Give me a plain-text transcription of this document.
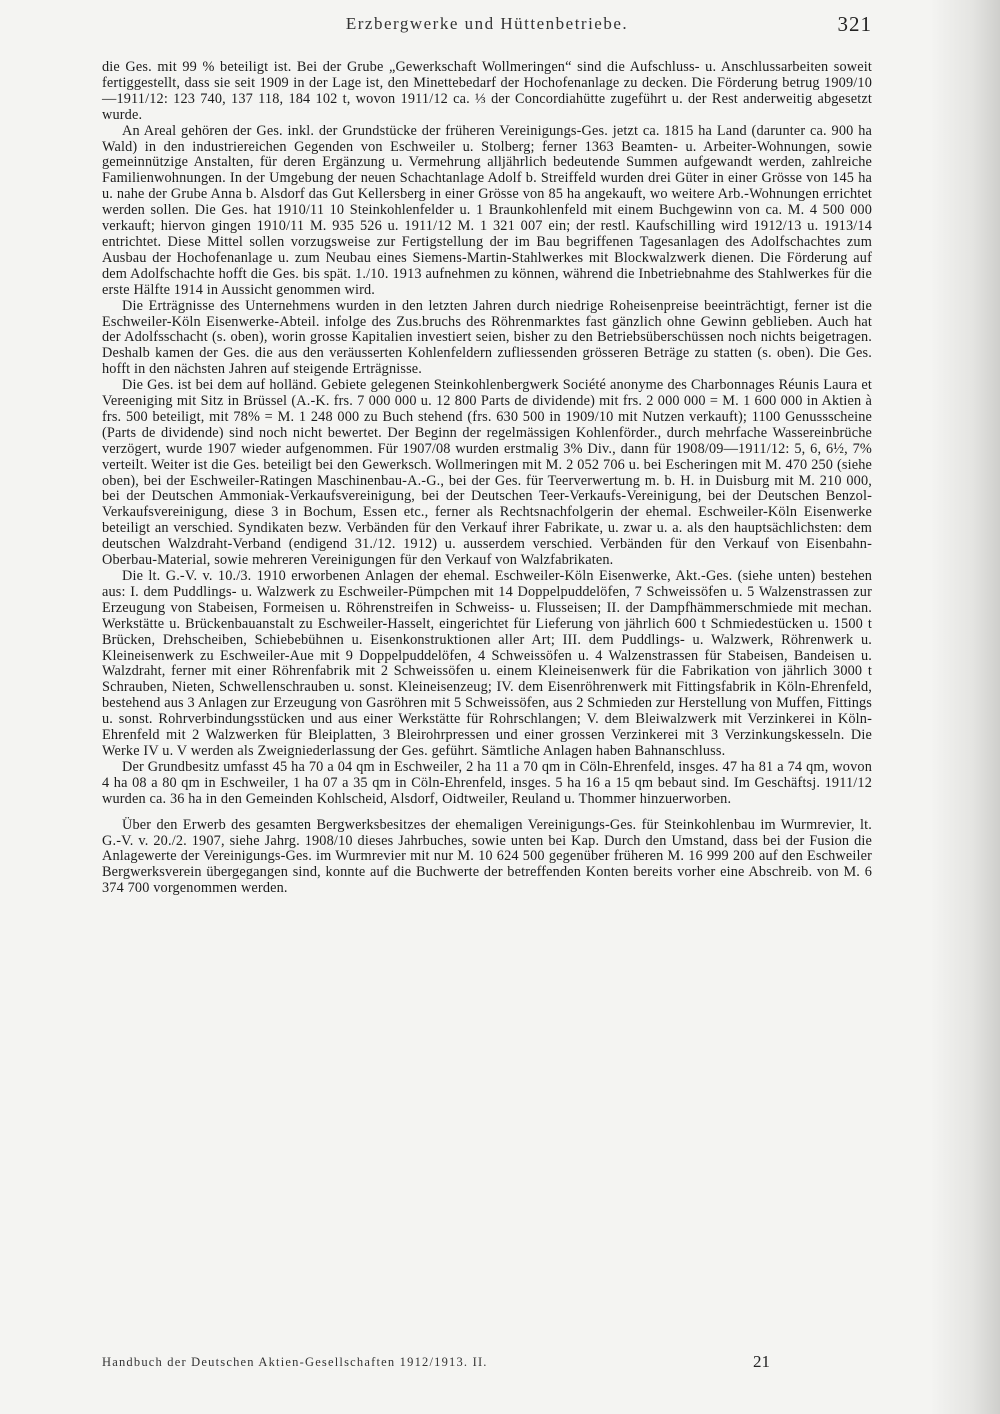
Erzbergwerke und Hüttenbetriebe.	321

die Ges. mit 99 % beteiligt ist. Bei der Grube „Gewerkschaft Wollmeringen“ sind die Aufschluss- u. Anschlussarbeiten soweit fertiggestellt, dass sie seit 1909 in der Lage ist, den Minettebedarf der Hochofenanlage zu decken. Die Förderung betrug 1909/10—1911/12: 123 740, 137 118, 184 102 t, wovon 1911/12 ca. ⅓ der Concordiahütte zugeführt u. der Rest anderweitig abgesetzt wurde.

An Areal gehören der Ges. inkl. der Grundstücke der früheren Vereinigungs-Ges. jetzt ca. 1815 ha Land (darunter ca. 900 ha Wald) in den industriereichen Gegenden von Eschweiler u. Stolberg; ferner 1363 Beamten- u. Arbeiter-Wohnungen, sowie gemeinnützige Anstalten, für deren Ergänzung u. Vermehrung alljährlich bedeutende Summen aufgewandt werden, zahlreiche Familienwohnungen. In der Umgebung der neuen Schachtanlage Adolf b. Streiffeld wurden drei Güter in einer Grösse von 145 ha u. nahe der Grube Anna b. Alsdorf das Gut Kellersberg in einer Grösse von 85 ha angekauft, wo weitere Arb.-Wohnungen errichtet werden sollen. Die Ges. hat 1910/11 10 Steinkohlenfelder u. 1 Braunkohlenfeld mit einem Buchgewinn von ca. M. 4 500 000 verkauft; hiervon gingen 1910/11 M. 935 526 u. 1911/12 M. 1 321 007 ein; der restl. Kaufschilling wird 1912/13 u. 1913/14 entrichtet. Diese Mittel sollen vorzugsweise zur Fertigstellung der im Bau begriffenen Tagesanlagen des Adolfschachtes zum Ausbau der Hochofenanlage u. zum Neubau eines Siemens-Martin-Stahlwerkes mit Blockwalzwerk dienen. Die Förderung auf dem Adolfschachte hofft die Ges. bis spät. 1./10. 1913 aufnehmen zu können, während die Inbetriebnahme des Stahlwerkes für die erste Hälfte 1914 in Aussicht genommen wird.

Die Erträgnisse des Unternehmens wurden in den letzten Jahren durch niedrige Roheisenpreise beeinträchtigt, ferner ist die Eschweiler-Köln Eisenwerke-Abteil. infolge des Zus.bruchs des Röhrenmarktes fast gänzlich ohne Gewinn geblieben. Auch hat der Adolfsschacht (s. oben), worin grosse Kapitalien investiert seien, bisher zu den Betriebsüberschüssen noch nichts beigetragen. Deshalb kamen der Ges. die aus den veräusserten Kohlenfeldern zufliessenden grösseren Beträge zu statten (s. oben). Die Ges. hofft in den nächsten Jahren auf steigende Erträgnisse.

Die Ges. ist bei dem auf holländ. Gebiete gelegenen Steinkohlenbergwerk Société anonyme des Charbonnages Réunis Laura et Vereeniging mit Sitz in Brüssel (A.-K. frs. 7 000 000 u. 12 800 Parts de dividende) mit frs. 2 000 000 = M. 1 600 000 in Aktien à frs. 500 beteiligt, mit 78% = M. 1 248 000 zu Buch stehend (frs. 630 500 in 1909/10 mit Nutzen verkauft); 1100 Genussscheine (Parts de dividende) sind noch nicht bewertet. Der Beginn der regelmässigen Kohlenförder., durch mehrfache Wassereinbrüche verzögert, wurde 1907 wieder aufgenommen. Für 1907/08 wurden erstmalig 3% Div., dann für 1908/09—1911/12: 5, 6, 6½, 7% verteilt. Weiter ist die Ges. beteiligt bei den Gewerksch. Wollmeringen mit M. 2 052 706 u. bei Escheringen mit M. 470 250 (siehe oben), bei der Eschweiler-Ratingen Maschinenbau-A.-G., bei der Ges. für Teerverwertung m. b. H. in Duisburg mit M. 210 000, bei der Deutschen Ammoniak-Verkaufsvereinigung, bei der Deutschen Teer-Verkaufs-Vereinigung, bei der Deutschen Benzol-Verkaufsvereinigung, diese 3 in Bochum, Essen etc., ferner als Rechtsnachfolgerin der ehemal. Eschweiler-Köln Eisenwerke beteiligt an verschied. Syndikaten bezw. Verbänden für den Verkauf ihrer Fabrikate, u. zwar u. a. als den hauptsächlichsten: dem deutschen Walzdraht-Verband (endigend 31./12. 1912) u. ausserdem verschied. Verbänden für den Verkauf von Eisenbahn-Oberbau-Material, sowie mehreren Vereinigungen für den Verkauf von Walzfabrikaten.

Die lt. G.-V. v. 10./3. 1910 erworbenen Anlagen der ehemal. Eschweiler-Köln Eisenwerke, Akt.-Ges. (siehe unten) bestehen aus: I. dem Puddlings- u. Walzwerk zu Eschweiler-Pümpchen mit 14 Doppelpuddelöfen, 7 Schweissöfen u. 5 Walzenstrassen zur Erzeugung von Stabeisen, Formeisen u. Röhrenstreifen in Schweiss- u. Flusseisen; II. der Dampfhämmerschmiede mit mechan. Werkstätte u. Brückenbauanstalt zu Eschweiler-Hasselt, eingerichtet für Lieferung von jährlich 600 t Schmiedestücken u. 1500 t Brücken, Drehscheiben, Schiebebühnen u. Eisenkonstruktionen aller Art; III. dem Puddlings- u. Walzwerk, Röhrenwerk u. Kleineisenwerk zu Eschweiler-Aue mit 9 Doppelpuddelöfen, 4 Schweissöfen u. 4 Walzenstrassen für Stabeisen, Bandeisen u. Walzdraht, ferner mit einer Röhrenfabrik mit 2 Schweissöfen u. einem Kleineisenwerk für die Fabrikation von jährlich 3000 t Schrauben, Nieten, Schwellenschrauben u. sonst. Kleineisenzeug; IV. dem Eisenröhrenwerk mit Fittingsfabrik in Köln-Ehrenfeld, bestehend aus 3 Anlagen zur Erzeugung von Gasröhren mit 5 Schweissöfen, aus 2 Schmieden zur Herstellung von Muffen, Fittings u. sonst. Rohrverbindungsstücken und aus einer Werkstätte für Rohrschlangen; V. dem Bleiwalzwerk mit Verzinkerei in Köln-Ehrenfeld mit 2 Walzwerken für Bleiplatten, 3 Bleirohrpressen und einer grossen Verzinkerei mit 3 Verzinkungskesseln. Die Werke IV u. V werden als Zweigniederlassung der Ges. geführt. Sämtliche Anlagen haben Bahnanschluss.

Der Grundbesitz umfasst 45 ha 70 a 04 qm in Eschweiler, 2 ha 11 a 70 qm in Cöln-Ehrenfeld, insges. 47 ha 81 a 74 qm, wovon 4 ha 08 a 80 qm in Eschweiler, 1 ha 07 a 35 qm in Cöln-Ehrenfeld, insges. 5 ha 16 a 15 qm bebaut sind. Im Geschäftsj. 1911/12 wurden ca. 36 ha in den Gemeinden Kohlscheid, Alsdorf, Oidtweiler, Reuland u. Thommer hinzuerworben.

Über den Erwerb des gesamten Bergwerksbesitzes der ehemaligen Vereinigungs-Ges. für Steinkohlenbau im Wurmrevier, lt. G.-V. v. 20./2. 1907, siehe Jahrg. 1908/10 dieses Jahrbuches, sowie unten bei Kap. Durch den Umstand, dass bei der Fusion die Anlagewerte der Vereinigungs-Ges. im Wurmrevier mit nur M. 10 624 500 gegenüber früheren M. 16 999 200 auf den Eschweiler Bergwerksverein übergegangen sind, konnte auf die Buchwerte der betreffenden Konten bereits vorher eine Abschreib. von M. 6 374 700 vorgenommen werden.

Handbuch der Deutschen Aktien-Gesellschaften 1912/1913. II.	21
